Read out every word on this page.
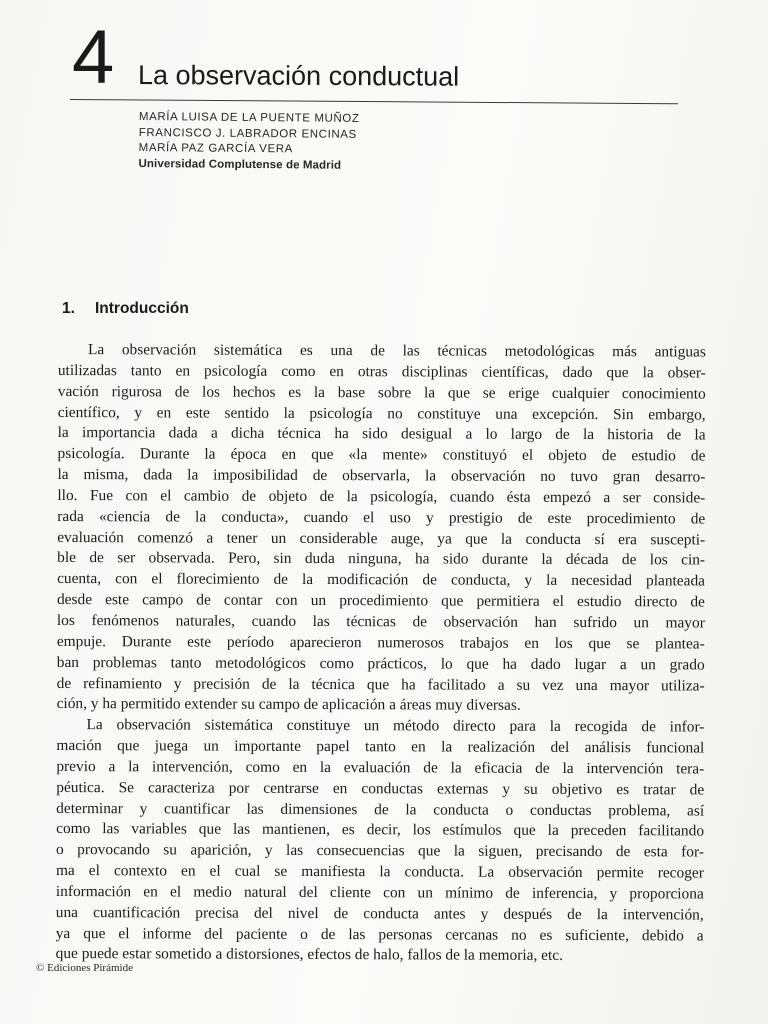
4 La observación conductual
MARÍA LUISA DE LA PUENTE MUÑOZ
FRANCISCO J. LABRADOR ENCINAS
MARÍA PAZ GARCÍA VERA
Universidad Complutense de Madrid
1. Introducción
La observación sistemática es una de las técnicas metodológicas más antiguas
utilizadas tanto en psicología como en otras disciplinas científicas, dado que la obser-
vación rigurosa de los hechos es la base sobre la que se erige cualquier conocimiento
científico, y en este sentido la psicología no constituye una excepción. Sin embargo,
la importancia dada a dicha técnica ha sido desigual a lo largo de la historia de la
psicología. Durante la época en que «la mente» constituyó el objeto de estudio de
la misma, dada la imposibilidad de observarla, la observación no tuvo gran desarro-
llo. Fue con el cambio de objeto de la psicología, cuando ésta empezó a ser conside-
rada «ciencia de la conducta», cuando el uso y prestigio de este procedimiento de
evaluación comenzó a tener un considerable auge, ya que la conducta sí era suscepti-
ble de ser observada. Pero, sin duda ninguna, ha sido durante la década de los cin-
cuenta, con el florecimiento de la modificación de conducta, y la necesidad planteada
desde este campo de contar con un procedimiento que permitiera el estudio directo de
los fenómenos naturales, cuando las técnicas de observación han sufrido un mayor
empuje. Durante este período aparecieron numerosos trabajos en los que se plantea-
ban problemas tanto metodológicos como prácticos, lo que ha dado lugar a un grado
de refinamiento y precisión de la técnica que ha facilitado a su vez una mayor utiliza-
ción, y ha permitido extender su campo de aplicación a áreas muy diversas.
La observación sistemática constituye un método directo para la recogida de infor-
mación que juega un importante papel tanto en la realización del análisis funcional
previo a la intervención, como en la evaluación de la eficacia de la intervención tera-
péutica. Se caracteriza por centrarse en conductas externas y su objetivo es tratar de
determinar y cuantificar las dimensiones de la conducta o conductas problema, así
como las variables que las mantienen, es decir, los estímulos que la preceden facilitando
o provocando su aparición, y las consecuencias que la siguen, precisando de esta for-
ma el contexto en el cual se manifiesta la conducta. La observación permite recoger
información en el medio natural del cliente con un mínimo de inferencia, y proporciona
una cuantificación precisa del nivel de conducta antes y después de la intervención,
ya que el informe del paciente o de las personas cercanas no es suficiente, debido a
que puede estar sometido a distorsiones, efectos de halo, fallos de la memoria, etc.
© Ediciones Pirámide
